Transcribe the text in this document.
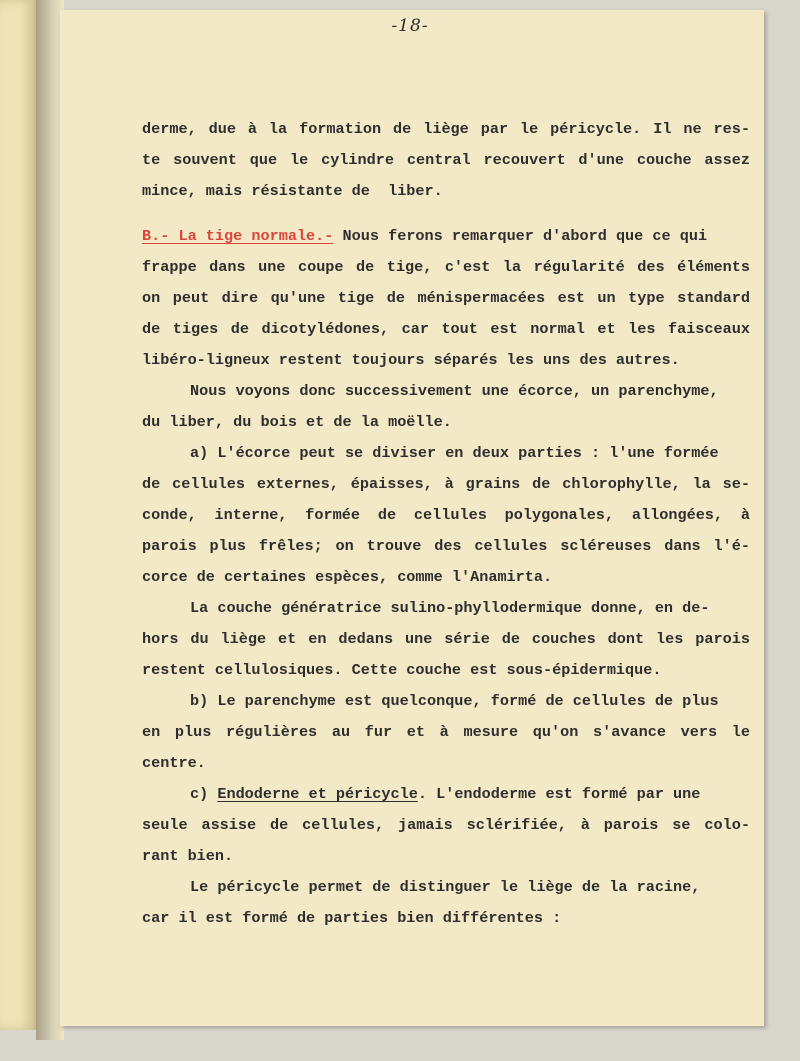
-18-
derme, due à la formation de liège par le péricycle. Il ne res-
te souvent que le cylindre central recouvert d'une couche assez
mince, mais résistante de  liber.
B.- La tige normale.- Nous ferons remarquer d'abord que ce qui
frappe dans une coupe de tige, c'est la régularité des éléments
on peut dire qu'une tige de ménispermacées est un type standard
de tiges de dicotylédones, car tout est normal et les faisceaux
libéro-ligneux restent toujours séparés les uns des autres.
Nous voyons donc successivement une écorce, un parenchyme,
du liber, du bois et de la moëlle.
a) L'écorce peut se diviser en deux parties : l'une formée
de cellules externes, épaisses, à grains de chlorophylle, la se-
conde, interne, formée de cellules polygonales, allongées, à
parois plus frêles; on trouve des cellules scléreuses dans l'é-
corce de certaines espèces, comme l'Anamirta.
La couche génératrice sulino-phyllodermique donne, en de-
hors du liège et en dedans une série de couches dont les parois
restent cellulosiques. Cette couche est sous-épidermique.
b) Le parenchyme est quelconque, formé de cellules de plus
en plus régulières au fur et à mesure qu'on s'avance vers le
centre.
c) Endoderne et péricycle. L'endoderme est formé par une
seule assise de cellules, jamais sclérifiée, à parois se colo-
rant bien.
Le péricycle permet de distinguer le liège de la racine,
car il est formé de parties bien différentes :
